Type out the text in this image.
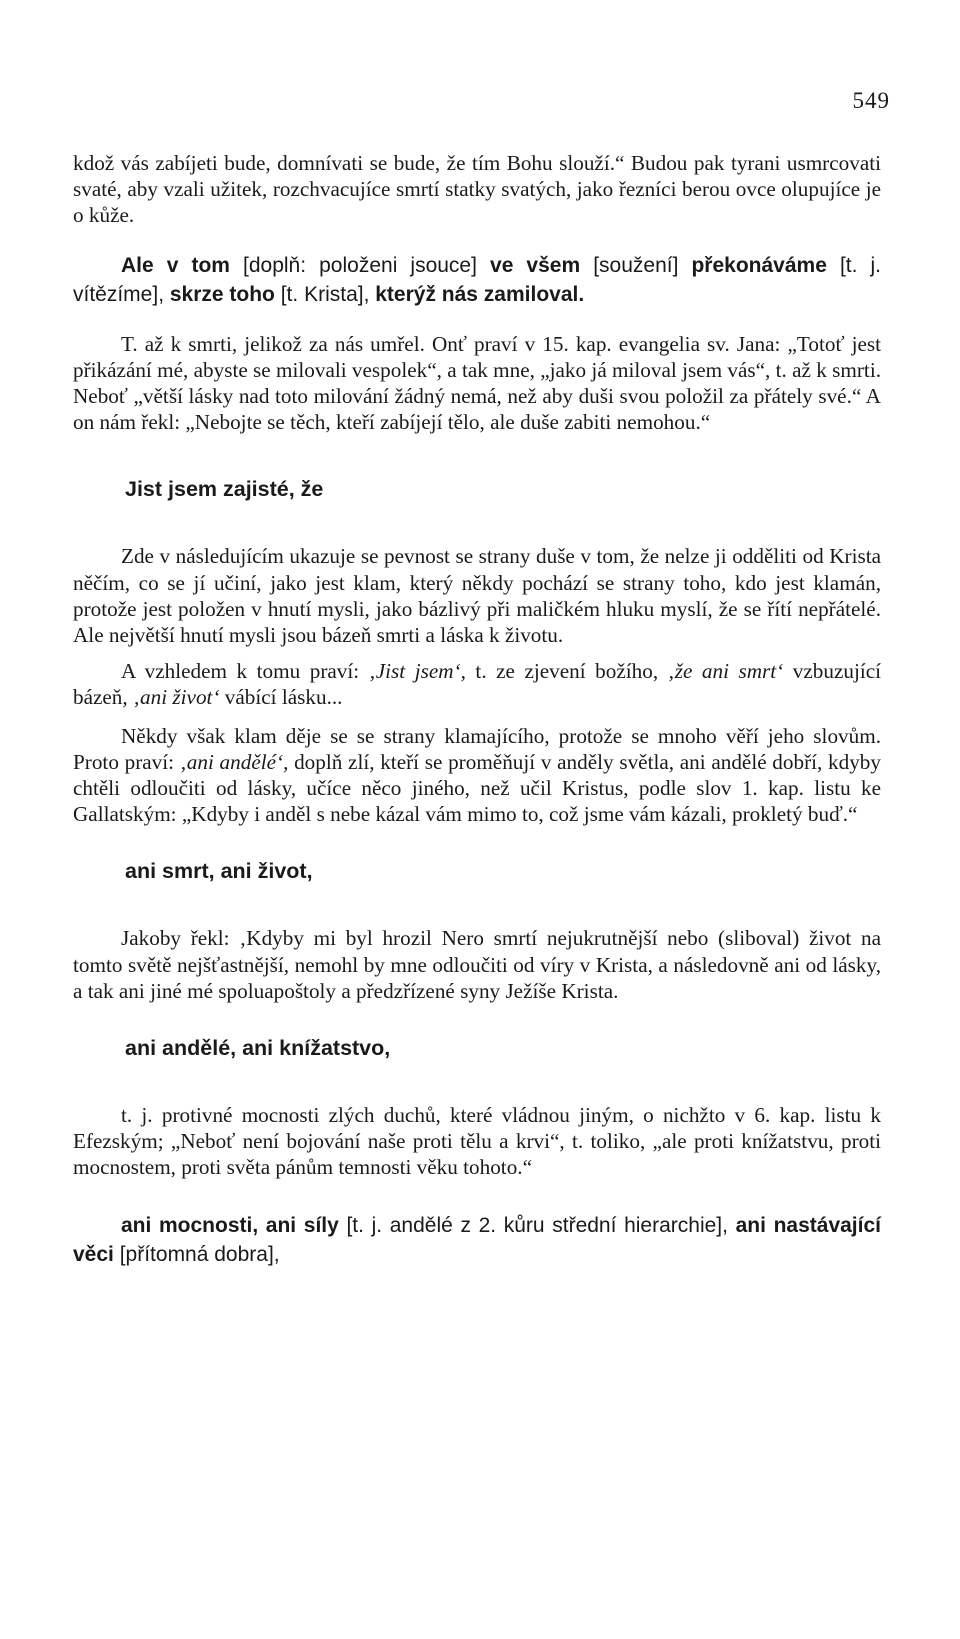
549

kdož vás zabíjeti bude, domnívati se bude, že tím Bohu slouží.“ Budou pak tyrani usmrcovati svaté, aby vzali užitek, rozchvacujíce smrtí statky svatých, jako řezníci berou ovce olupujíce je o kůže.

Ale v tom [doplň: položeni jsouce] ve všem [soužení] překonáváme [t. j. vítězíme], skrze toho [t. Krista], kterýž nás zamiloval.

T. až k smrti, jelikož za nás umřel. Onť praví v 15. kap. evangelia sv. Jana: „Totoť jest přikázání mé, abyste se milovali vespolek“, a tak mne, „jako já miloval jsem vás“, t. až k smrti. Neboť „větší lásky nad toto milování žádný nemá, než aby duši svou položil za přátely své.“ A on nám řekl: „Nebojte se těch, kteří zabíjejí tělo, ale duše zabiti nemohou.“

Jist jsem zajisté, že

Zde v následujícím ukazuje se pevnost se strany duše v tom, že nelze ji odděliti od Krista něčím, co se jí učiní, jako jest klam, který někdy pochází se strany toho, kdo jest klamán, protože jest položen v hnutí mysli, jako bázlivý při maličkém hluku myslí, že se řítí nepřátelé. Ale největší hnutí mysli jsou bázeň smrti a láska k životu.

A vzhledem k tomu praví: ‚Jist jsem‘, t. ze zjevení božího, ‚že ani smrt‘ vzbuzující bázeň, ‚ani život‘ vábící lásku...

Někdy však klam děje se se strany klamajícího, protože se mnoho věří jeho slovům. Proto praví: ‚ani andělé‘, doplň zlí, kteří se proměňují v anděly světla, ani andělé dobří, kdyby chtěli odloučiti od lásky, učíce něco jiného, než učil Kristus, podle slov 1. kap. listu ke Gallatským: „Kdyby i anděl s nebe kázal vám mimo to, což jsme vám kázali, prokletý buď.“

ani smrt, ani život,

Jakoby řekl: ‚Kdyby mi byl hrozil Nero smrtí nejukrutnější nebo (sliboval) život na tomto světě nejšťastnější, nemohl by mne odloučiti od víry v Krista, a následovně ani od lásky, a tak ani jiné mé spoluapoštoly a předzřízené syny Ježíše Krista.

ani andělé, ani knížatstvo,

t. j. protivné mocnosti zlých duchů, které vládnou jiným, o nichžto v 6. kap. listu k Efezským; „Neboť není bojování naše proti tělu a krvi“, t. toliko, „ale proti knížatstvu, proti mocnostem, proti světa pánům temnosti věku tohoto.“

ani mocnosti, ani síly [t. j. andělé z 2. kůru střední hierarchie], ani nastávající věci [přítomná dobra],
